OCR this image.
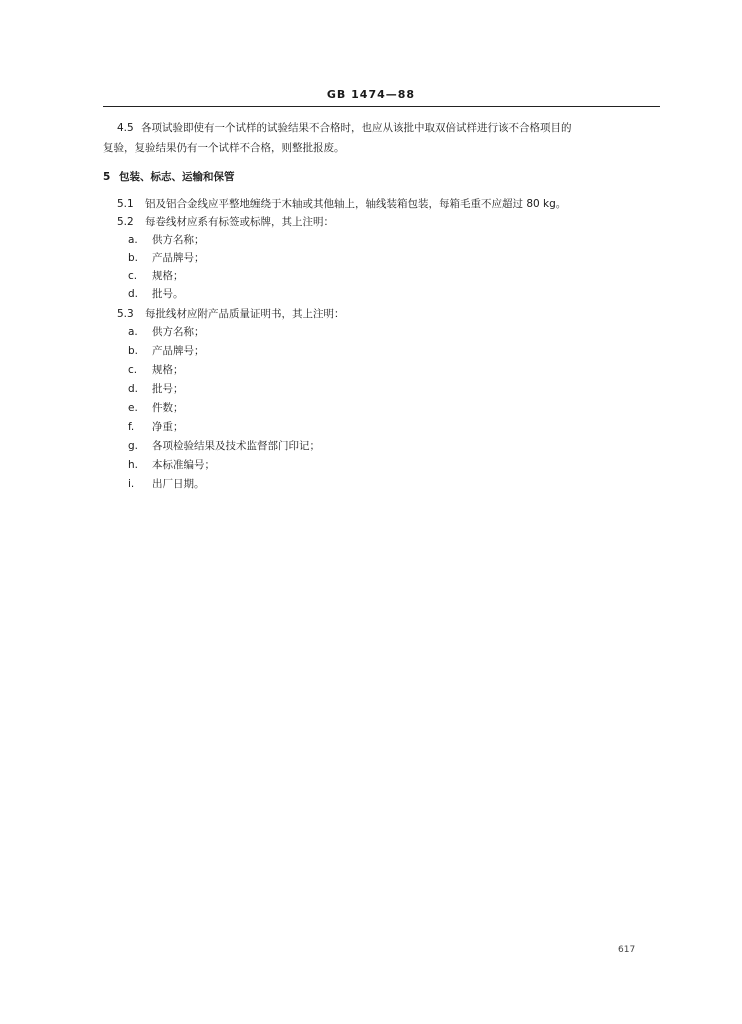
GB 1474—88
4.5 各项试验即使有一个试样的试验结果不合格时，也应从该批中取双倍试样进行该不合格项目的
复验，复验结果仍有一个试样不合格，则整批报废。
5 包装、标志、运输和保管
5.1 铝及铝合金线应平整地缠绕于木轴或其他轴上，轴线装箱包装，每箱毛重不应超过 80 kg。
5.2 每卷线材应系有标签或标牌，其上注明：
a.	供方名称；
b.	产品牌号；
c.	规格；
d.	批号。
5.3 每批线材应附产品质量证明书，其上注明：
a.	供方名称；
b.	产品牌号；
c.	规格；
d.	批号；
e.	件数；
f.	净重；
g.	各项检验结果及技术监督部门印记；
h.	本标准编号；
i.	出厂日期。
617
